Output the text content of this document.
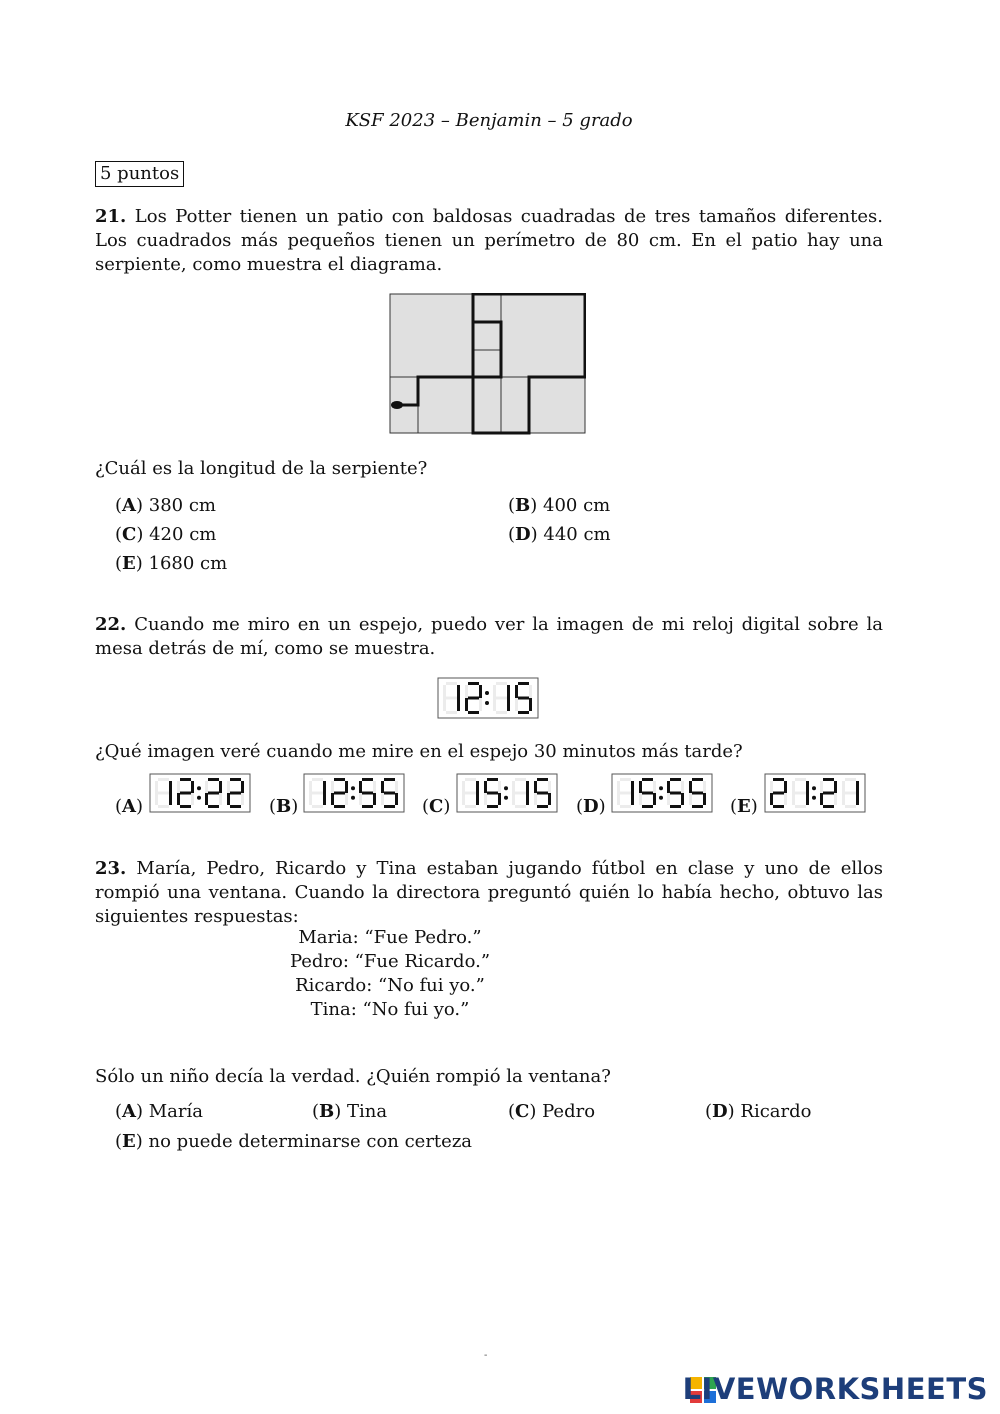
KSF 2023 – Benjamin – 5 grado
5 puntos
21. Los Potter tienen un patio con baldosas cuadradas de tres tamaños diferentes. Los cuadrados más pequeños tienen un perímetro de 80 cm. En el patio hay una serpiente, como muestra el diagrama.
¿Cuál es la longitud de la serpiente?
(A) 380 cm	(B) 400 cm
(C) 420 cm	(D) 440 cm
(E) 1680 cm
22. Cuando me miro en un espejo, puedo ver la imagen de mi reloj digital sobre la mesa detrás de mí, como se muestra.
¿Qué imagen veré cuando me mire en el espejo 30 minutos más tarde?
(A)	(B)	(C)	(D)	(E)
23. María, Pedro, Ricardo y Tina estaban jugando fútbol en clase y uno de ellos rompió una ventana. Cuando la directora preguntó quién lo había hecho, obtuvo las siguientes respuestas:
Maria: “Fue Pedro.”
Pedro: “Fue Ricardo.”
Ricardo: “No fui yo.”
Tina: “No fui yo.”
Sólo un niño decía la verdad. ¿Quién rompió la ventana?
(A) María	(B) Tina	(C) Pedro	(D) Ricardo
(E) no puede determinarse con certeza
-
LIVEWORKSHEETS
